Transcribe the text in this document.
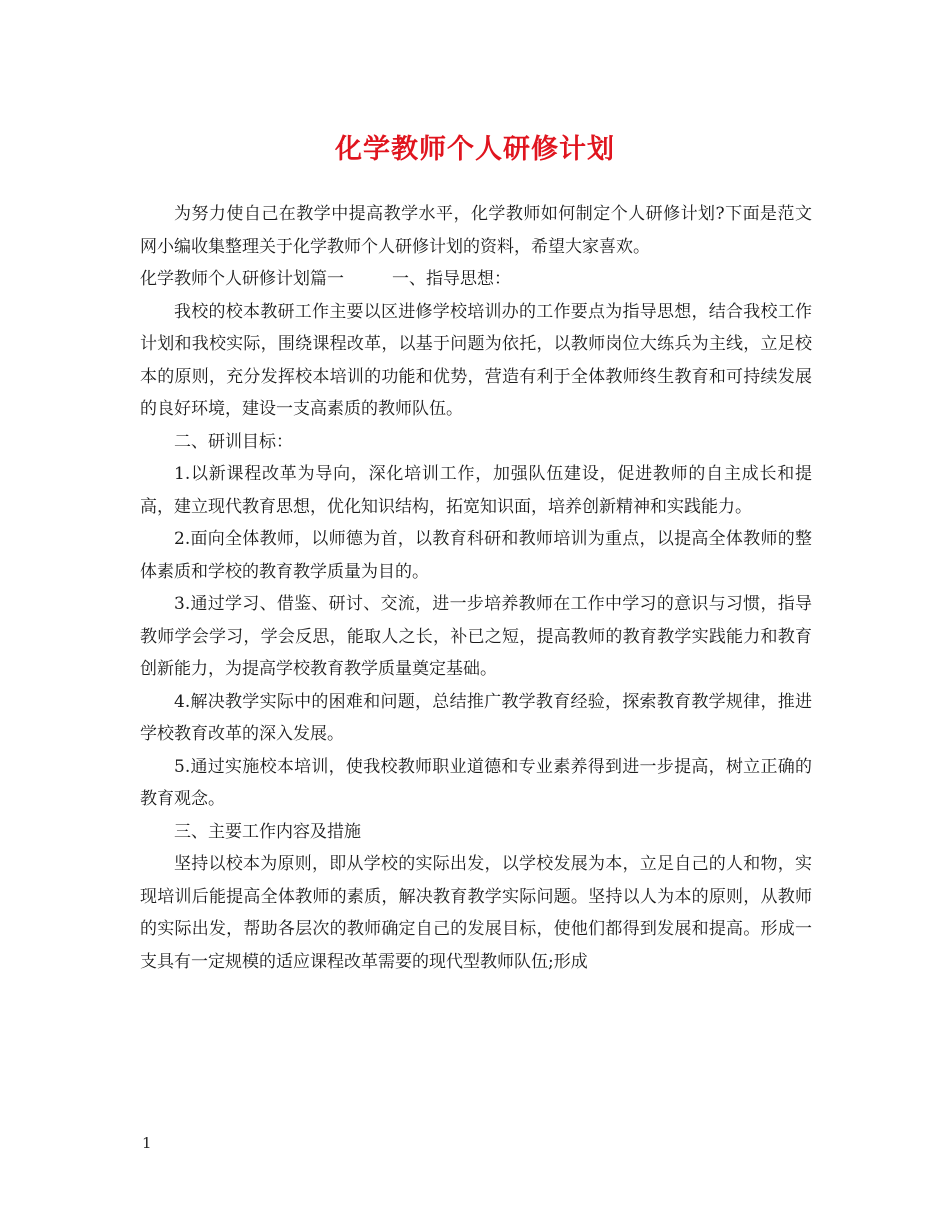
化学教师个人研修计划

为努力使自己在教学中提高教学水平，化学教师如何制定个人研修计划?下面是范文网小编收集整理关于化学教师个人研修计划的资料，希望大家喜欢。

化学教师个人研修计划篇一	一、指导思想：

我校的校本教研工作主要以区进修学校培训办的工作要点为指导思想，结合我校工作计划和我校实际，围绕课程改革，以基于问题为依托，以教师岗位大练兵为主线，立足校本的原则，充分发挥校本培训的功能和优势，营造有利于全体教师终生教育和可持续发展的良好环境，建设一支高素质的教师队伍。

二、研训目标：

1.以新课程改革为导向，深化培训工作，加强队伍建设，促进教师的自主成长和提高，建立现代教育思想，优化知识结构，拓宽知识面，培养创新精神和实践能力。

2.面向全体教师，以师德为首，以教育科研和教师培训为重点，以提高全体教师的整体素质和学校的教育教学质量为目的。

3.通过学习、借鉴、研讨、交流，进一步培养教师在工作中学习的意识与习惯，指导教师学会学习，学会反思，能取人之长，补已之短，提高教师的教育教学实践能力和教育创新能力，为提高学校教育教学质量奠定基础。

4.解决教学实际中的困难和问题，总结推广教学教育经验，探索教育教学规律，推进学校教育改革的深入发展。

5.通过实施校本培训，使我校教师职业道德和专业素养得到进一步提高，树立正确的教育观念。

三、主要工作内容及措施

坚持以校本为原则，即从学校的实际出发，以学校发展为本，立足自己的人和物，实现培训后能提高全体教师的素质，解决教育教学实际问题。坚持以人为本的原则，从教师的实际出发，帮助各层次的教师确定自己的发展目标，使他们都得到发展和提高。形成一支具有一定规模的适应课程改革需要的现代型教师队伍;形成

1
